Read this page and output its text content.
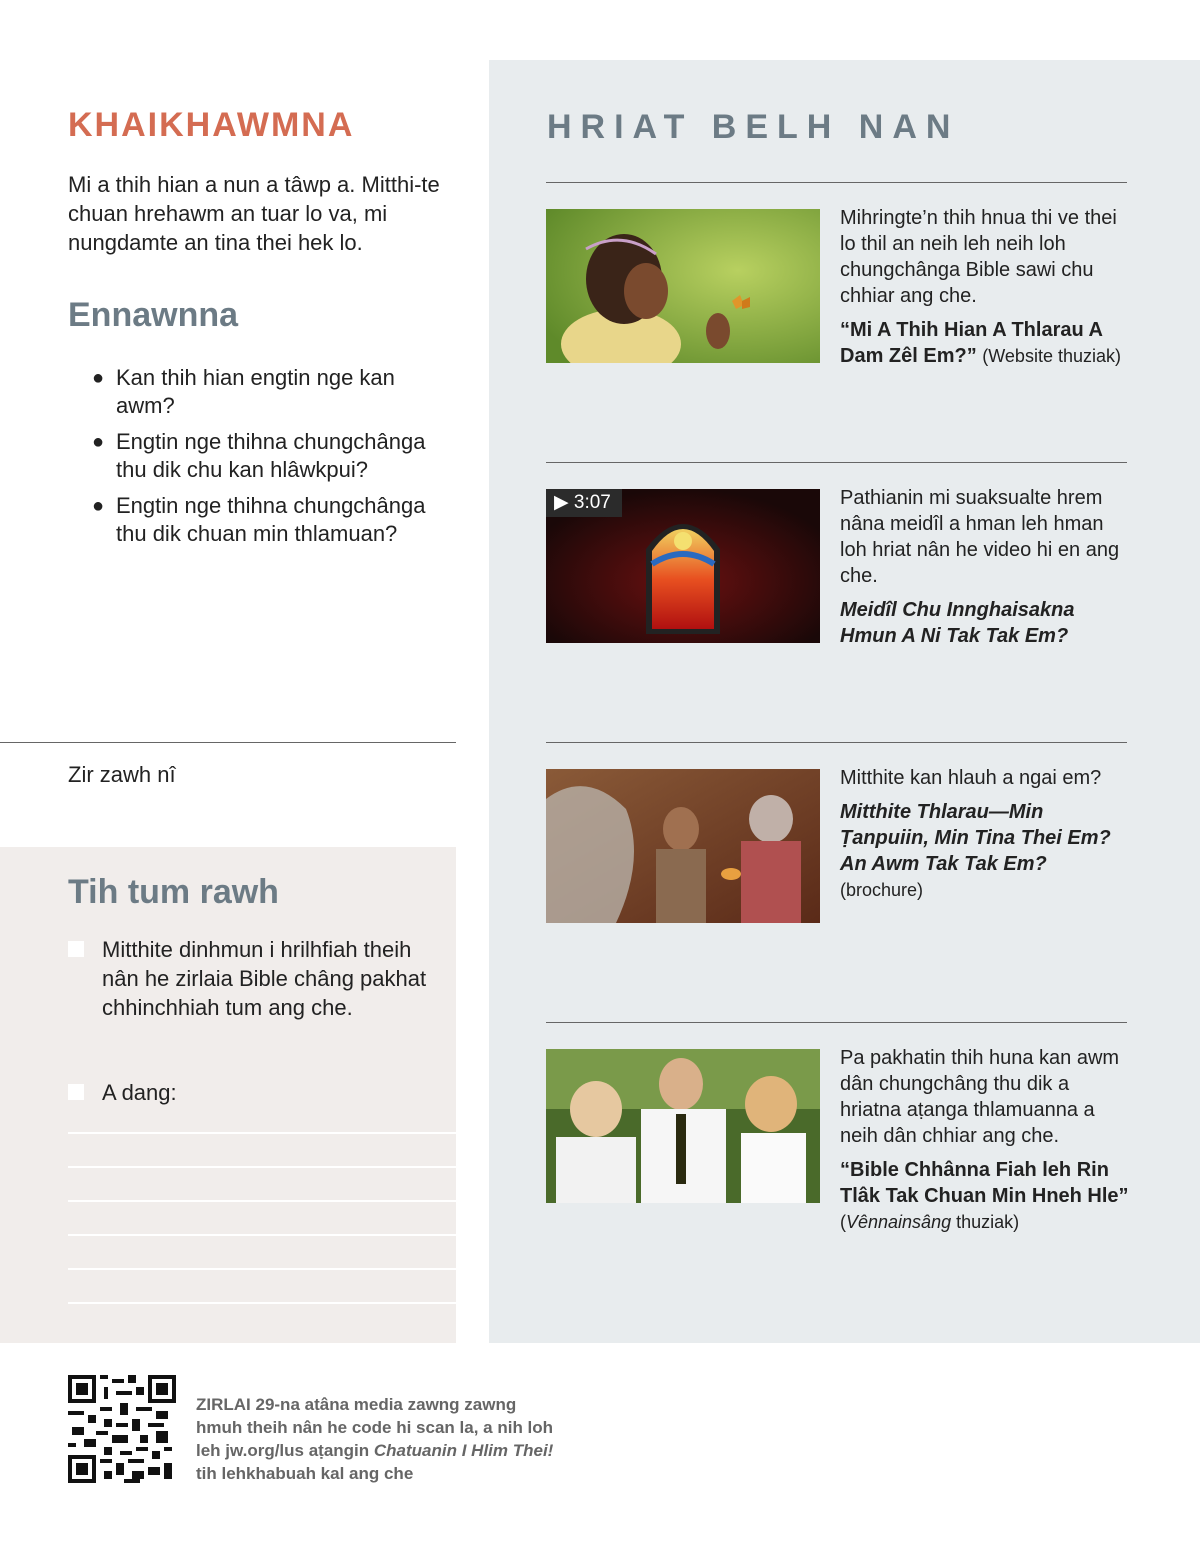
KHAIKHAWMNA
Mi a thih hian a nun a tâwp a. Mitthi-te chuan hrehawm an tuar lo va, mi nungdamte an tina thei hek lo.
Ennawnna
● Kan thih hian engtin nge kan awm?
● Engtin nge thihna chungchânga thu dik chu kan hlâwkpui?
● Engtin nge thihna chungchânga thu dik chuan min thlamuan?
Zir zawh nî
Tih tum rawh
Mitthite dinhmun i hrilhfiah theih nân he zirlaia Bible châng pakhat chhinchhiah tum ang che.
A dang:
HRIAT BELH NAN
Mihringte’n thih hnua thi ve thei lo thil an neih leh neih loh chungchânga Bible sawi chu chhiar ang che.
“Mi A Thih Hian A Thlarau A Dam Zêl Em?” (Website thuziak)
▶ 3:07	Pathianin mi suaksualte hrem nâna meidîl a hman leh hman loh hriat nân he video hi en ang che.
Meidîl Chu Innghaisakna Hmun A Ni Tak Tak Em?
Mitthite kan hlauh a ngai em?
Mitthite Thlarau—Min Ṭanpuiin, Min Tina Thei Em? An Awm Tak Tak Em? (brochure)
Pa pakhatin thih huna kan awm dân chungchâng thu dik a hriatna aṭanga thlamuanna a neih dân chhiar ang che.
“Bible Chhânna Fiah leh Rin Tlâk Tak Chuan Min Hneh Hle”
(Vênnainsâng thuziak)
ZIRLAI 29-na atâna media zawng zawng hmuh theih nân he code hi scan la, a nih loh leh jw.org/lus aṭangin Chatuanin I Hlim Thei! tih lehkhabuah kal ang che
